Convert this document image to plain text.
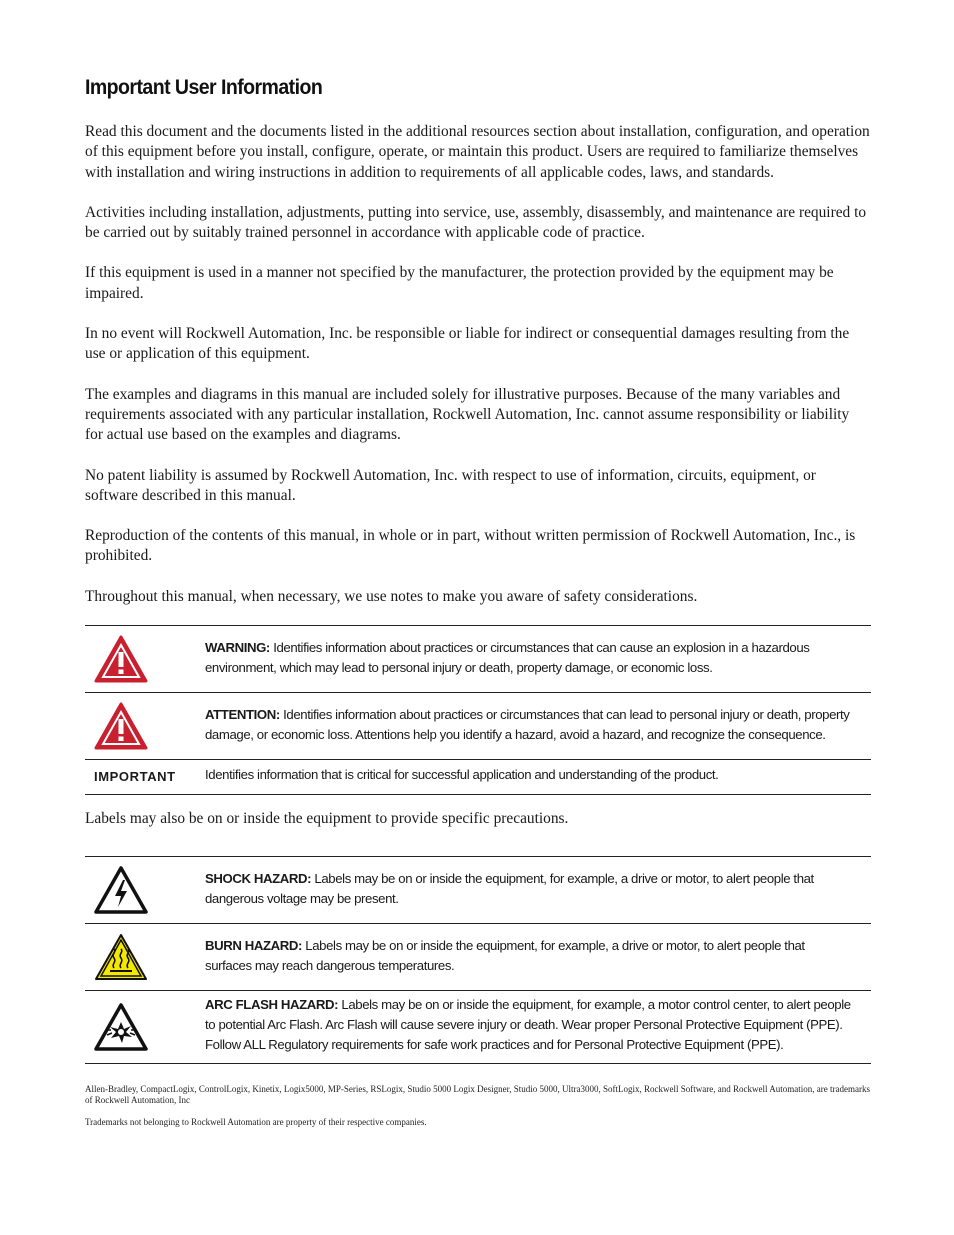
Important User Information

Read this document and the documents listed in the additional resources section about installation, configuration, and operation of this equipment before you install, configure, operate, or maintain this product. Users are required to familiarize themselves with installation and wiring instructions in addition to requirements of all applicable codes, laws, and standards.

Activities including installation, adjustments, putting into service, use, assembly, disassembly, and maintenance are required to be carried out by suitably trained personnel in accordance with applicable code of practice.

If this equipment is used in a manner not specified by the manufacturer, the protection provided by the equipment may be impaired.

In no event will Rockwell Automation, Inc. be responsible or liable for indirect or consequential damages resulting from the use or application of this equipment.

The examples and diagrams in this manual are included solely for illustrative purposes. Because of the many variables and requirements associated with any particular installation, Rockwell Automation, Inc. cannot assume responsibility or liability for actual use based on the examples and diagrams.

No patent liability is assumed by Rockwell Automation, Inc. with respect to use of information, circuits, equipment, or software described in this manual.

Reproduction of the contents of this manual, in whole or in part, without written permission of Rockwell Automation, Inc., is prohibited.

Throughout this manual, when necessary, we use notes to make you aware of safety considerations.

	WARNING: Identifies information about practices or circumstances that can cause an explosion in a hazardous environment, which may lead to personal injury or death, property damage, or economic loss.

	ATTENTION: Identifies information about practices or circumstances that can lead to personal injury or death, property damage, or economic loss. Attentions help you identify a hazard, avoid a hazard, and recognize the consequence.
IMPORTANT	Identifies information that is critical for successful application and understanding of the product.

Labels may also be on or inside the equipment to provide specific precautions.

	SHOCK HAZARD: Labels may be on or inside the equipment, for example, a drive or motor, to alert people that dangerous voltage may be present.

	BURN HAZARD: Labels may be on or inside the equipment, for example, a drive or motor, to alert people that surfaces may reach dangerous temperatures.

	ARC FLASH HAZARD: Labels may be on or inside the equipment, for example, a motor control center, to alert people to potential Arc Flash. Arc Flash will cause severe injury or death. Wear proper Personal Protective Equipment (PPE). Follow ALL Regulatory requirements for safe work practices and for Personal Protective Equipment (PPE).

Allen-Bradley, CompactLogix, ControlLogix, Kinetix, Logix5000, MP-Series, RSLogix, Studio 5000 Logix Designer, Studio 5000, Ultra3000, SoftLogix, Rockwell Software, and Rockwell Automation, are trademarks of Rockwell Automation, Inc

Trademarks not belonging to Rockwell Automation are property of their respective companies.
